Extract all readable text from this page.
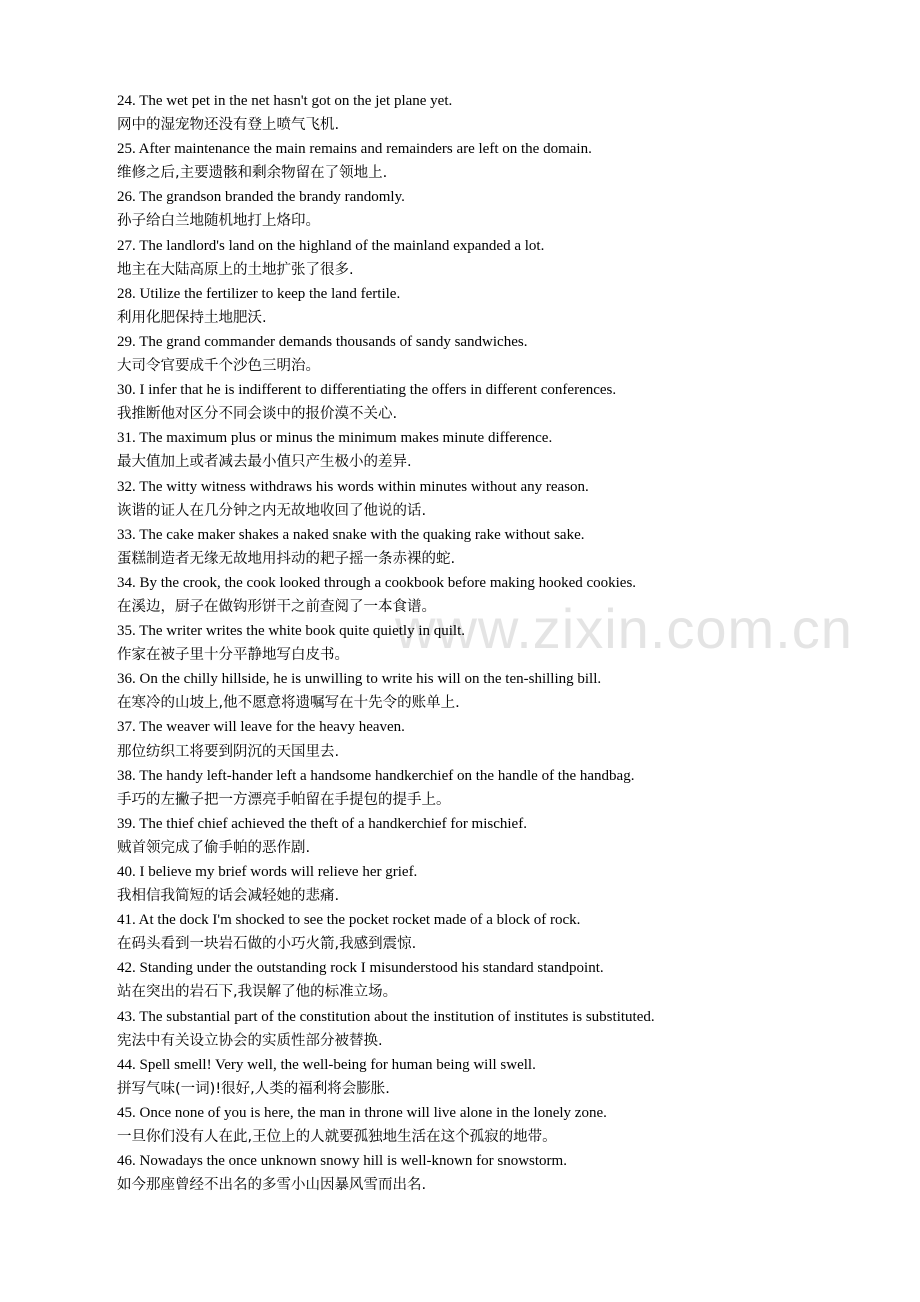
www.zixin.com.cn
24. The wet pet in the net hasn't got on the jet plane yet.
网中的湿宠物还没有登上喷气飞机.
25. After maintenance the main remains and remainders are left on the domain.
维修之后,主要遗骸和剩余物留在了领地上.
26. The grandson branded the brandy randomly.
孙子给白兰地随机地打上烙印。
27. The landlord's land on the highland of the mainland expanded a lot.
地主在大陆高原上的土地扩张了很多.
28. Utilize the fertilizer to keep the land fertile.
利用化肥保持土地肥沃.
29. The grand commander demands thousands of sandy sandwiches.
大司令官要成千个沙色三明治。
30. I infer that he is indifferent to differentiating the offers in different conferences.
我推断他对区分不同会谈中的报价漠不关心.
31. The maximum plus or minus the minimum makes minute difference.
最大值加上或者减去最小值只产生极小的差异.
32. The witty witness withdraws his words within minutes without any reason.
诙谐的证人在几分钟之内无故地收回了他说的话.
33. The cake maker shakes a naked snake with the quaking rake without sake.
蛋糕制造者无缘无故地用抖动的耙子摇一条赤裸的蛇.
34. By the crook, the cook looked through a cookbook before making hooked cookies.
在溪边，厨子在做钩形饼干之前查阅了一本食谱。
35. The writer writes the white book quite quietly in quilt.
作家在被子里十分平静地写白皮书。
36. On the chilly hillside, he is unwilling to write his will on the ten-shilling bill.
在寒冷的山坡上,他不愿意将遗嘱写在十先令的账单上.
37. The weaver will leave for the heavy heaven.
那位纺织工将要到阴沉的天国里去.
38. The handy left-hander left a handsome handkerchief on the handle of the handbag.
手巧的左撇子把一方漂亮手帕留在手提包的提手上。
39. The thief chief achieved the theft of a handkerchief for mischief.
贼首领完成了偷手帕的恶作剧.
40. I believe my brief words will relieve her grief.
我相信我简短的话会减轻她的悲痛.
41. At the dock I'm shocked to see the pocket rocket made of a block of rock.
在码头看到一块岩石做的小巧火箭,我感到震惊.
42. Standing under the outstanding rock I misunderstood his standard standpoint.
站在突出的岩石下,我误解了他的标准立场。
43. The substantial part of the constitution about the institution of institutes is substituted.
宪法中有关设立协会的实质性部分被替换.
44. Spell smell! Very well, the well-being for human being will swell.
拼写气味(一词)!很好,人类的福利将会膨胀.
45. Once none of you is here, the man in throne will live alone in the lonely zone.
一旦你们没有人在此,王位上的人就要孤独地生活在这个孤寂的地带。
46. Nowadays the once unknown snowy hill is well-known for snowstorm.
如今那座曾经不出名的多雪小山因暴风雪而出名.
